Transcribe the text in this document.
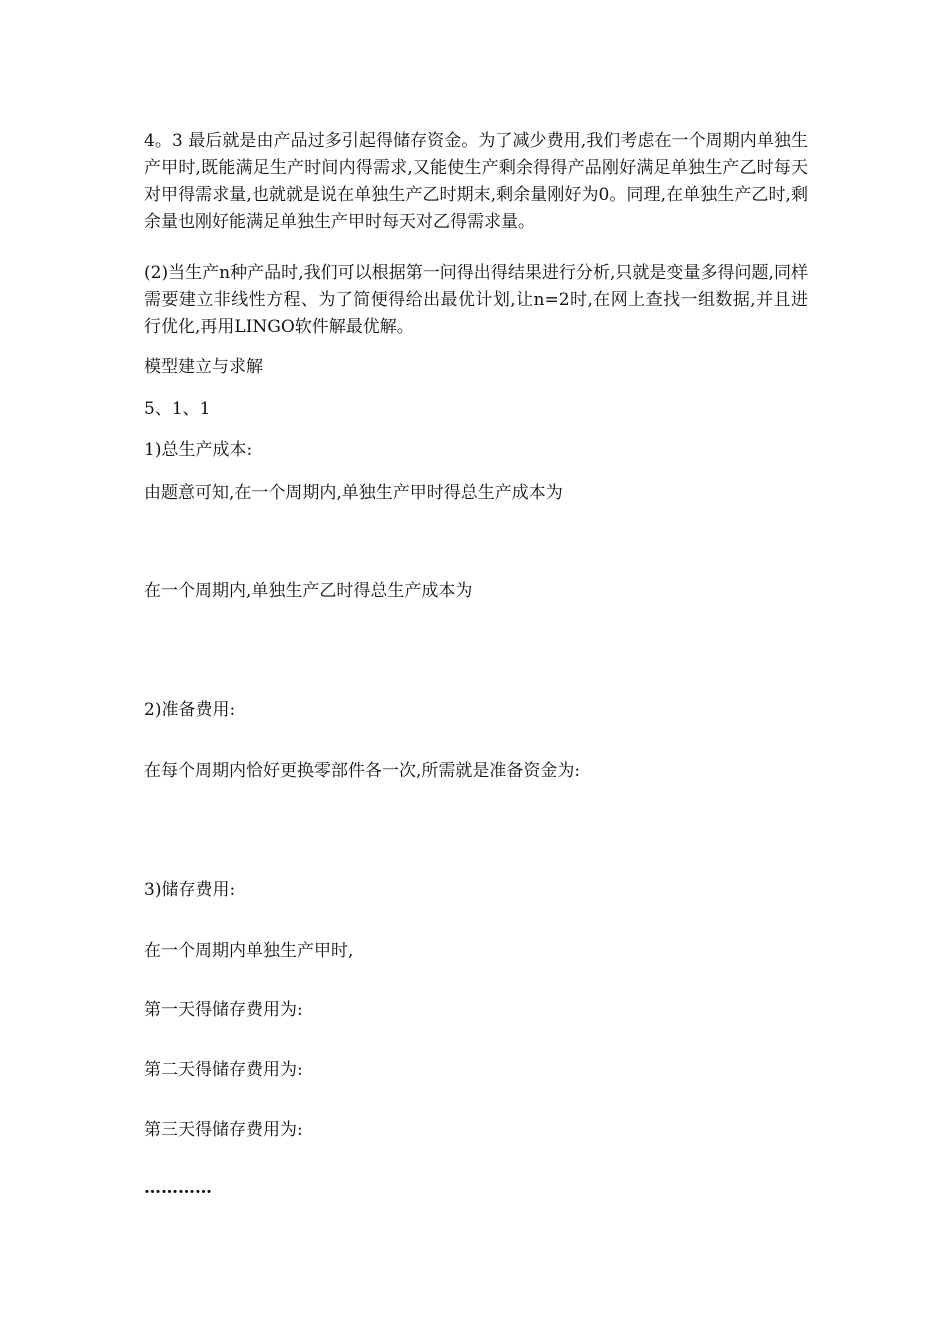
4。3 最后就是由产品过多引起得储存资金。为了减少费用,我们考虑在一个周期内单独生产甲时,既能满足生产时间内得需求,又能使生产剩余得得产品刚好满足单独生产乙时每天对甲得需求量,也就就是说在单独生产乙时期末,剩余量刚好为0。同理,在单独生产乙时,剩余量也刚好能满足单独生产甲时每天对乙得需求量。

(2)当生产n种产品时,我们可以根据第一问得出得结果进行分析,只就是变量多得问题,同样需要建立非线性方程、为了简便得给出最优计划,让n=2时,在网上查找一组数据,并且进行优化,再用LINGO软件解最优解。

模型建立与求解

5、1、1

1)总生产成本:

由题意可知,在一个周期内,单独生产甲时得总生产成本为

在一个周期内,单独生产乙时得总生产成本为

2)准备费用:

在每个周期内恰好更换零部件各一次,所需就是准备资金为:

3)储存费用:

在一个周期内单独生产甲时,

第一天得储存费用为:

第二天得储存费用为:

第三天得储存费用为:

…………
